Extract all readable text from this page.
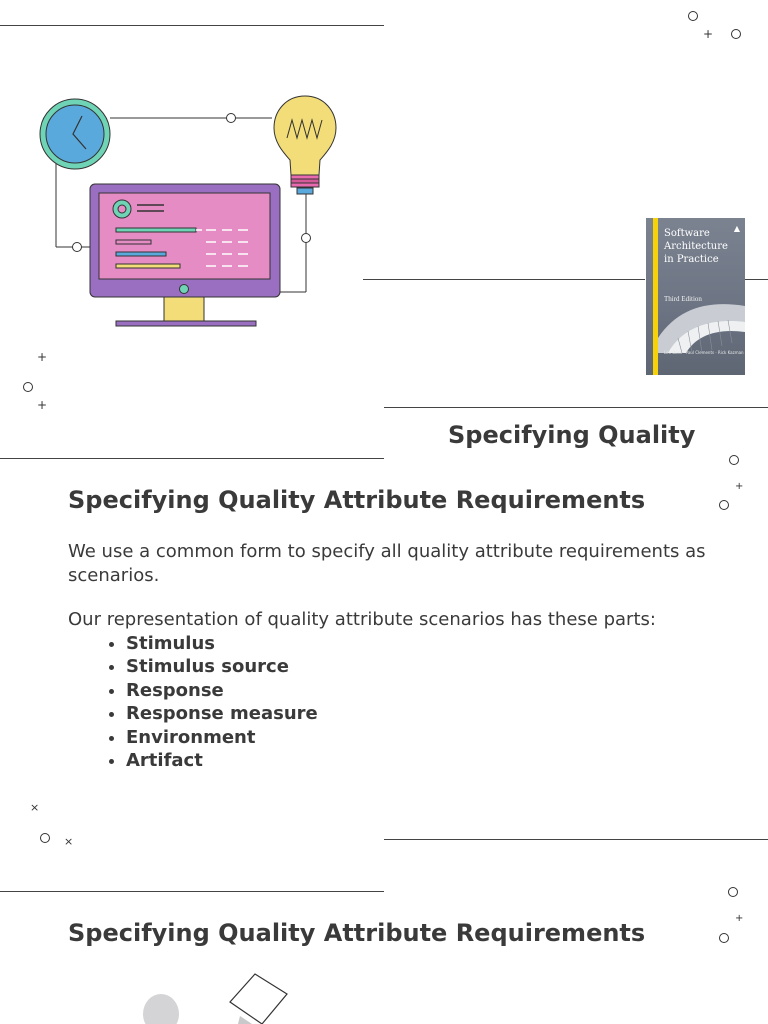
+
+
+
+
×
×
+
▲
Software
Architecture
in Practice
Third Edition
Len Bass · Paul Clements · Rick Kazman
Specifying Quality
Specifying Quality Attribute Requirements

We use a common form to specify all quality attribute requirements as scenarios.

Our representation of quality attribute scenarios has these parts:

• Stimulus
• Stimulus source
• Response
• Response measure
• Environment
• Artifact
Specifying Quality Attribute Requirements
